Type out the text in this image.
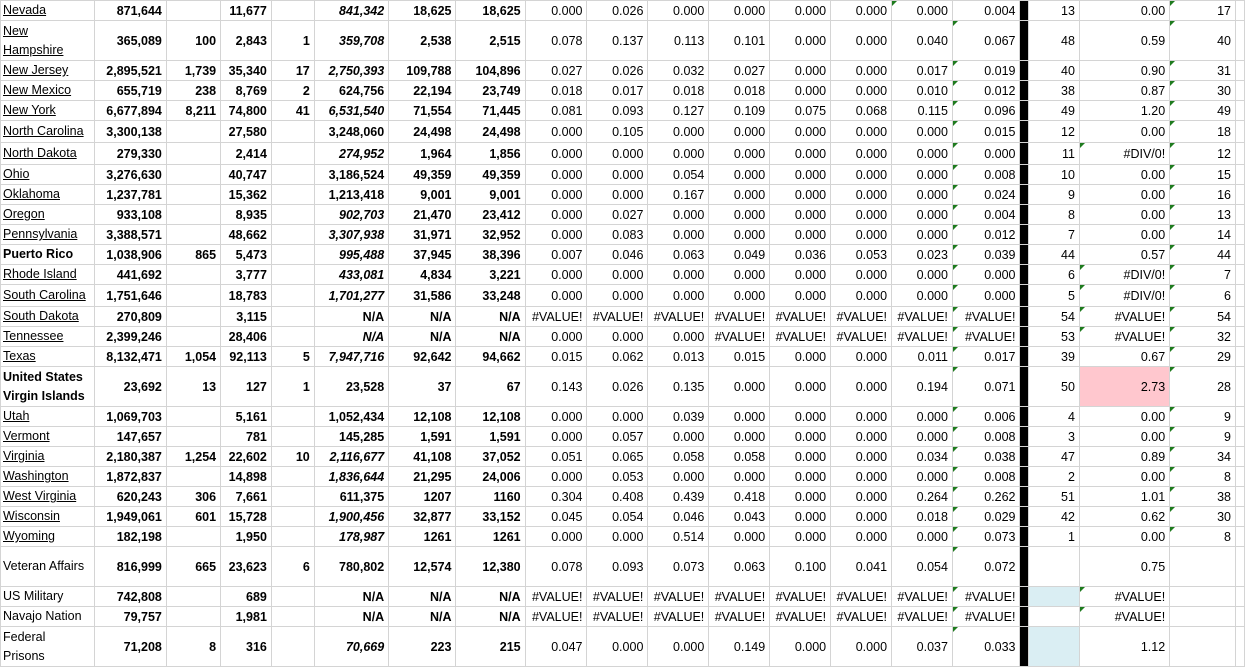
Nevada	871,644		11,677		841,342	18,625	18,625	0.000	0.026	0.000	0.000	0.000	0.000	0.000	0.004		13	0.00	17	
New Hampshire	365,089	100	2,843	1	359,708	2,538	2,515	0.078	0.137	0.113	0.101	0.000	0.000	0.040	0.067		48	0.59	40	
New Jersey	2,895,521	1,739	35,340	17	2,750,393	109,788	104,896	0.027	0.026	0.032	0.027	0.000	0.000	0.017	0.019		40	0.90	31	
New Mexico	655,719	238	8,769	2	624,756	22,194	23,749	0.018	0.017	0.018	0.018	0.000	0.000	0.010	0.012		38	0.87	30	
New York	6,677,894	8,211	74,800	41	6,531,540	71,554	71,445	0.081	0.093	0.127	0.109	0.075	0.068	0.115	0.096		49	1.20	49	
North Carolina	3,300,138		27,580		3,248,060	24,498	24,498	0.000	0.105	0.000	0.000	0.000	0.000	0.000	0.015		12	0.00	18	
North Dakota	279,330		2,414		274,952	1,964	1,856	0.000	0.000	0.000	0.000	0.000	0.000	0.000	0.000		11	#DIV/0!	12	
Ohio	3,276,630		40,747		3,186,524	49,359	49,359	0.000	0.000	0.054	0.000	0.000	0.000	0.000	0.008		10	0.00	15	
Oklahoma	1,237,781		15,362		1,213,418	9,001	9,001	0.000	0.000	0.167	0.000	0.000	0.000	0.000	0.024		9	0.00	16	
Oregon	933,108		8,935		902,703	21,470	23,412	0.000	0.027	0.000	0.000	0.000	0.000	0.000	0.004		8	0.00	13	
Pennsylvania	3,388,571		48,662		3,307,938	31,971	32,952	0.000	0.083	0.000	0.000	0.000	0.000	0.000	0.012		7	0.00	14	
Puerto Rico	1,038,906	865	5,473		995,488	37,945	38,396	0.007	0.046	0.063	0.049	0.036	0.053	0.023	0.039		44	0.57	44	
Rhode Island	441,692		3,777		433,081	4,834	3,221	0.000	0.000	0.000	0.000	0.000	0.000	0.000	0.000		6	#DIV/0!	7	
South Carolina	1,751,646		18,783		1,701,277	31,586	33,248	0.000	0.000	0.000	0.000	0.000	0.000	0.000	0.000		5	#DIV/0!	6	
South Dakota	270,809		3,115		N/A	N/A	N/A	#VALUE!	#VALUE!	#VALUE!	#VALUE!	#VALUE!	#VALUE!	#VALUE!	#VALUE!		54	#VALUE!	54	
Tennessee	2,399,246		28,406		N/A	N/A	N/A	0.000	0.000	0.000	#VALUE!	#VALUE!	#VALUE!	#VALUE!	#VALUE!		53	#VALUE!	32	
Texas	8,132,471	1,054	92,113	5	7,947,716	92,642	94,662	0.015	0.062	0.013	0.015	0.000	0.000	0.011	0.017		39	0.67	29	
United States Virgin Islands	23,692	13	127	1	23,528	37	67	0.143	0.026	0.135	0.000	0.000	0.000	0.194	0.071		50	2.73	28	
Utah	1,069,703		5,161		1,052,434	12,108	12,108	0.000	0.000	0.039	0.000	0.000	0.000	0.000	0.006		4	0.00	9	
Vermont	147,657		781		145,285	1,591	1,591	0.000	0.057	0.000	0.000	0.000	0.000	0.000	0.008		3	0.00	9	
Virginia	2,180,387	1,254	22,602	10	2,116,677	41,108	37,052	0.051	0.065	0.058	0.058	0.000	0.000	0.034	0.038		47	0.89	34	
Washington	1,872,837		14,898		1,836,644	21,295	24,006	0.000	0.053	0.000	0.000	0.000	0.000	0.000	0.008		2	0.00	8	
West Virginia	620,243	306	7,661		611,375	1207	1160	0.304	0.408	0.439	0.418	0.000	0.000	0.264	0.262		51	1.01	38	
Wisconsin	1,949,061	601	15,728		1,900,456	32,877	33,152	0.045	0.054	0.046	0.043	0.000	0.000	0.018	0.029		42	0.62	30	
Wyoming	182,198		1,950		178,987	1261	1261	0.000	0.000	0.514	0.000	0.000	0.000	0.000	0.073		1	0.00	8	
Veteran Affairs	816,999	665	23,623	6	780,802	12,574	12,380	0.078	0.093	0.073	0.063	0.100	0.041	0.054	0.072			0.75		
US Military	742,808		689		N/A	N/A	N/A	#VALUE!	#VALUE!	#VALUE!	#VALUE!	#VALUE!	#VALUE!	#VALUE!	#VALUE!			#VALUE!		
Navajo Nation	79,757		1,981		N/A	N/A	N/A	#VALUE!	#VALUE!	#VALUE!	#VALUE!	#VALUE!	#VALUE!	#VALUE!	#VALUE!			#VALUE!		
Federal Prisons	71,208	8	316		70,669	223	215	0.047	0.000	0.000	0.149	0.000	0.000	0.037	0.033			1.12		
